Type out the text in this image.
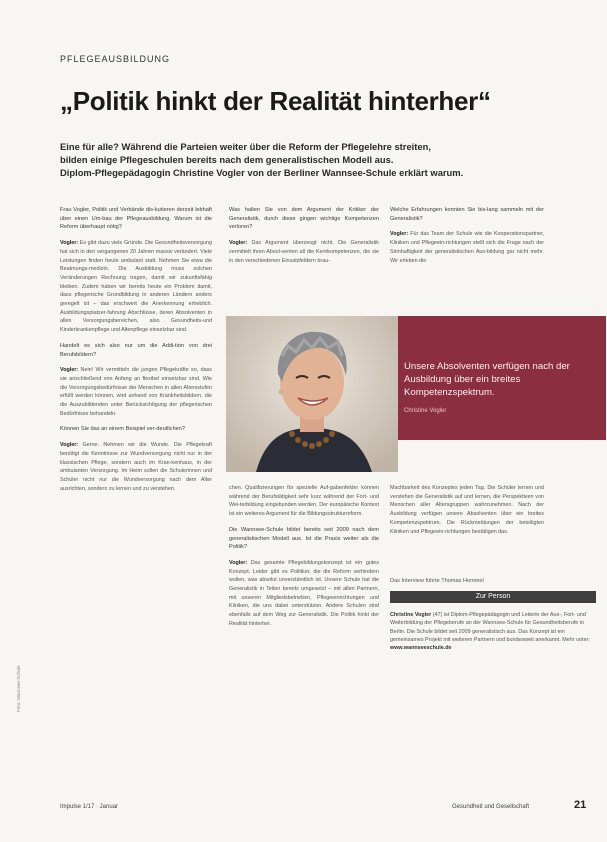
PFLEGEAUSBILDUNG
„Politik hinkt der Realität hinterher“

Eine für alle? Während die Parteien weiter über die Reform der Pflegelehre streiten,

bilden einige Pflegeschulen bereits nach dem generalistischen Modell aus.

Diplom-Pflegepädagogin Christine Vogler von der Berliner Wannsee-Schule erklärt warum.

Frau Vogler, Politik und Verbände dis-kutieren derzeit lebhaft über einen Um-bau der Pflegeausbildung. Warum ist die Reform überhaupt nötig?

Vogler: Es gibt dazu viele Gründe. Die Gesundheitsversorgung hat sich in den vergangenen 20 Jahren massiv verändert. Viele Leistungen finden heute ambulant statt. Nehmen Sie etwa die Beatmungs-medizin. Die Ausbildung muss solchen Veränderungen Rechnung tragen, damit wir zukunftsfähig bleiben. Zudem haben wir bereits heute ein Problem damit, dass pflegerische Grundbildung in anderen Ländern anders geregelt ist – das erschwert die Anerkennung erheblich. Ausbildungsplatzer-fahrung Abschlüsse, deren Absolventen in allen Versorgungsbereichen, also Gesundheits-und Kinderkrankenpflege und Altenpflege einsetzbar sind.

Handelt es sich also nur um die Addi-tion von drei Berufsbildern?

Vogler: Nein! Wir vermitteln die jungen Pflegekräfte so, dass sie anschließend von Anfang an flexibel einsetzbar sind. Wie die Versorgungsbedürfnisse der Menschen in allen Altersstufen erfüllt werden können, wird anhand von Krankheitsbildern, die die Auszubildenden unter Berücksichtigung der pflegerischen Bedürfnisse behandeln.

Können Sie das an einem Beispiel ver-deutlichen?

Vogler: Gerne. Nehmen wir die Wunde. Die Pflegekraft benötigt die Kenntnisse zur Wundversorgung nicht nur in der klassischen Pflege, sondern auch im Kran-kenhaus, in der ambulanten Versorgung. Im Heim sollen die Schulerinnen und Schüler nicht nur die Wundversorgung nach dem Alter ausrichten, sondern zu lernen und zu verstehen.

Was halten Sie von dem Argument der Kritiker der Generalistik, durch diese gingen wichtige Kompetenzen verloren?

Vogler: Das Argument überzeugt nicht. Die Generalistik vermittelt ihren Absol-venten all die Kernkompetenzen, die sie in den verschiedenen Einsatzfeldern brau-

Welche Erfahrungen konnten Sie bis-lang sammeln mit der Generalistik?

Vogler: Für das Team der Schule wie die Kooperationspartner, Kliniken und Pflegeein-richtungen stellt sich die Frage nach der Sinnhaftigkeit der generalistischen Aus-bildung gar nicht mehr. Wir erleben die

Unsere Absolventen verfügen nach der Ausbildung über ein breites Kompetenzspektrum.
Christine Vogler

chen. Qualifizierungen für spezielle Auf-gabenfelder können während der Berufstätigkeit sehr kurz während der Fort- und Wei-terbildung eingebunden werden. Der europäische Kontext ist ein weiteres Argument für die Bildungsstrukturreform.

Die Wannsee-Schule bildet bereits seit 2009 nach dem generalistischen Modell aus. Ist die Praxis weiter als die Politik?

Vogler: Das gesamte Pflegebildungskonzept ist ein gutes Konzept. Leider gibt es Politiker, die die Reform verhindern wollen, was absolut unverständlich ist. Unsere Schule hat die Generalistik in Teilen bereits umgesetzt – mit allen Partnern, mit unseren Mitgliedsbetrieben, Pflegeeinrichtungen und Kliniken, die uns dabei unterstützen. Andere Schulen sind ebenfalls auf dem Weg zur Generalistik. Die Politik hinkt der Realität hinterher.

Machbarkeit des Konzeptes jeden Tag. Die Schüler lernen und verstehen die Generalistik auf und lernen, die Perspektiven von Menschen aller Altersgruppen wahrzunehmen. Nach der Ausbildung verfügen unsere Absolventen über ein breites Kompetenzspektrum. Die Rückmeldungen der beteiligten Kliniken und Pflegeein-richtungen bestätigen das.

Das Interview führte Thomas Hommel
Zur Person
Christine Vogler (47) ist Diplom-Pflegepädagogin und Leiterin der Aus-, Fort- und Weiterbildung der Pflegeberufe an der Wannsee-Schule für Gesundheitsberufe in Berlin. Die Schule bildet seit 2009 generalistisch aus. Das Konzept ist ein gemeinsames Projekt mit weiteren Partnern und bundesweit anerkannt. Mehr unter: www.wannseeschule.de
Foto: Wannsee-Schule
Impulse 1/17 · Januar	Gesundheit und Gesellschaft	21
